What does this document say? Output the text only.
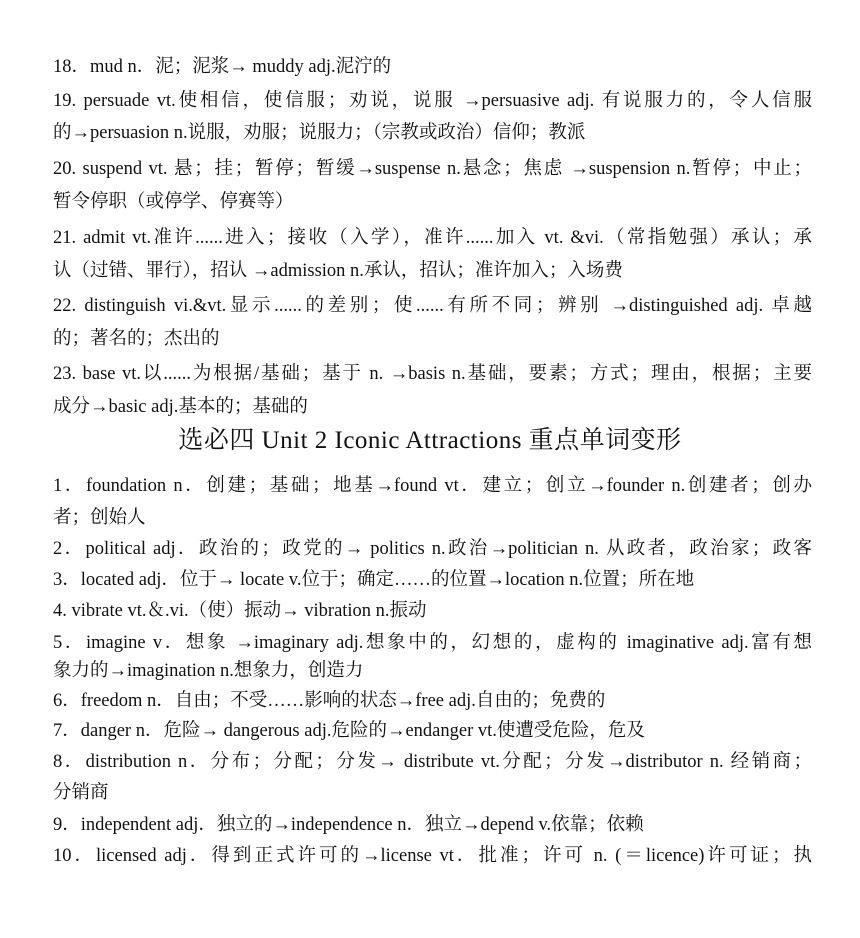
18．mud n．泥；泥浆→ muddy adj.泥泞的
19. persuade vt.使相信，使信服；劝说，说服 →persuasive adj. 有说服力的，令人信服
的→persuasion n.说服，劝服；说服力；（宗教或政治）信仰；教派
20. suspend vt. 悬；挂；暂停；暂缓→suspense n.悬念；焦虑 →suspension n.暂停；中止；
暂令停职（或停学、停赛等）
21. admit vt.准许......进入；接收（入学），准许......加入 vt. &vi.（常指勉强）承认；承
认（过错、罪行），招认 →admission n.承认，招认；准许加入；入场费
22. distinguish vi.&vt.显示......的差别；使......有所不同；辨别 →distinguished adj. 卓越
的；著名的；杰出的
23. base vt.以......为根据/基础；基于 n. →basis n.基础，要素；方式；理由，根据；主要
成分→basic adj.基本的；基础的
选必四 Unit 2 Iconic Attractions 重点单词变形
1．foundation n．创建；基础；地基→found vt．建立；创立→founder n.创建者；创办
者；创始人
2．political adj．政治的；政党的→ politics n.政治→politician n. 从政者，政治家；政客
3．located adj．位于→ locate v.位于；确定……的位置→location n.位置；所在地
4. vibrate vt.＆.vi.（使）振动→ vibration n.振动
5．imagine v．想象 →imaginary adj.想象中的，幻想的，虚构的 imaginative adj.富有想
象力的→imagination n.想象力，创造力
6．freedom n．自由；不受……影响的状态→free adj.自由的；免费的
7．danger n．危险→ dangerous adj.危险的→endanger vt.使遭受危险，危及
8．distribution n．分布；分配；分发→ distribute vt.分配；分发→distributor n. 经销商；
分销商
9．independent adj．独立的→independence n．独立→depend v.依靠；依赖
10．licensed adj．得到正式许可的→license vt．批准；许可 n. (＝licence)许可证；执
